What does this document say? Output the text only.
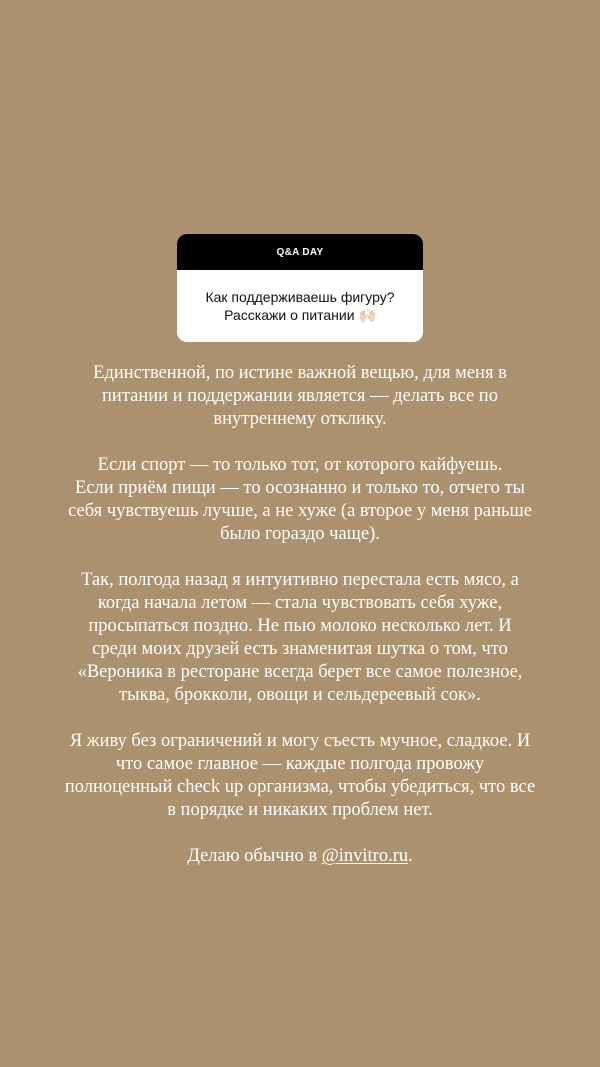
Q&A DAY
Как поддерживаешь фигуру?
Расскажи о питании 🙌🏻

Единственной, по истине важной вещью, для меня в
питании и поддержании является — делать все по
внутреннему отклику.

Если спорт — то только тот, от которого кайфуешь.
Если приём пищи — то осознанно и только то, отчего ты
себя чувствуешь лучше, а не хуже (а второе у меня раньше
было гораздо чаще).

Так, полгода назад я интуитивно перестала есть мясо, а
когда начала летом — стала чувствовать себя хуже,
просыпаться поздно. Не пью молоко несколько лет. И
среди моих друзей есть знаменитая шутка о том, что
«Вероника в ресторане всегда берет все самое полезное,
тыква, брокколи, овощи и сельдереевый сок».

Я живу без ограничений и могу съесть мучное, сладкое. И
что самое главное — каждые полгода провожу
полноценный check up организма, чтобы убедиться, что все
в порядке и никаких проблем нет.

Делаю обычно в @invitro.ru.
